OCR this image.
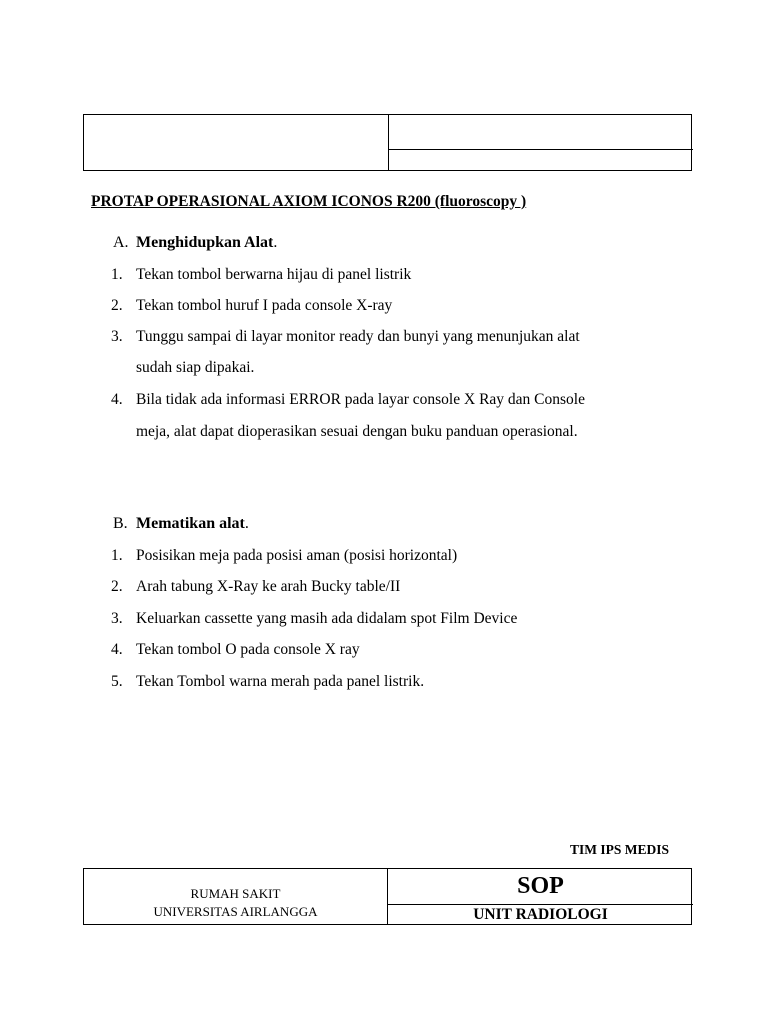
PROTAP OPERASIONAL AXIOM ICONOS R200 (fluoroscopy )
A. Menghidupkan Alat.
1. Tekan tombol berwarna hijau di panel listrik
2. Tekan tombol huruf I pada console X-ray
3. Tunggu sampai di layar monitor ready dan bunyi yang menunjukan alat
sudah siap dipakai.
4. Bila tidak ada informasi ERROR pada layar console X Ray dan Console
meja, alat dapat dioperasikan sesuai dengan buku panduan operasional.
B. Mematikan alat.
1. Posisikan meja pada posisi aman (posisi horizontal)
2. Arah tabung X-Ray ke arah Bucky table/II
3. Keluarkan cassette yang masih ada didalam spot Film Device
4. Tekan tombol O pada console X ray
5. Tekan Tombol warna merah pada panel listrik.
TIM IPS MEDIS
RUMAH SAKIT
UNIVERSITAS AIRLANGGA
SOP
UNIT RADIOLOGI
